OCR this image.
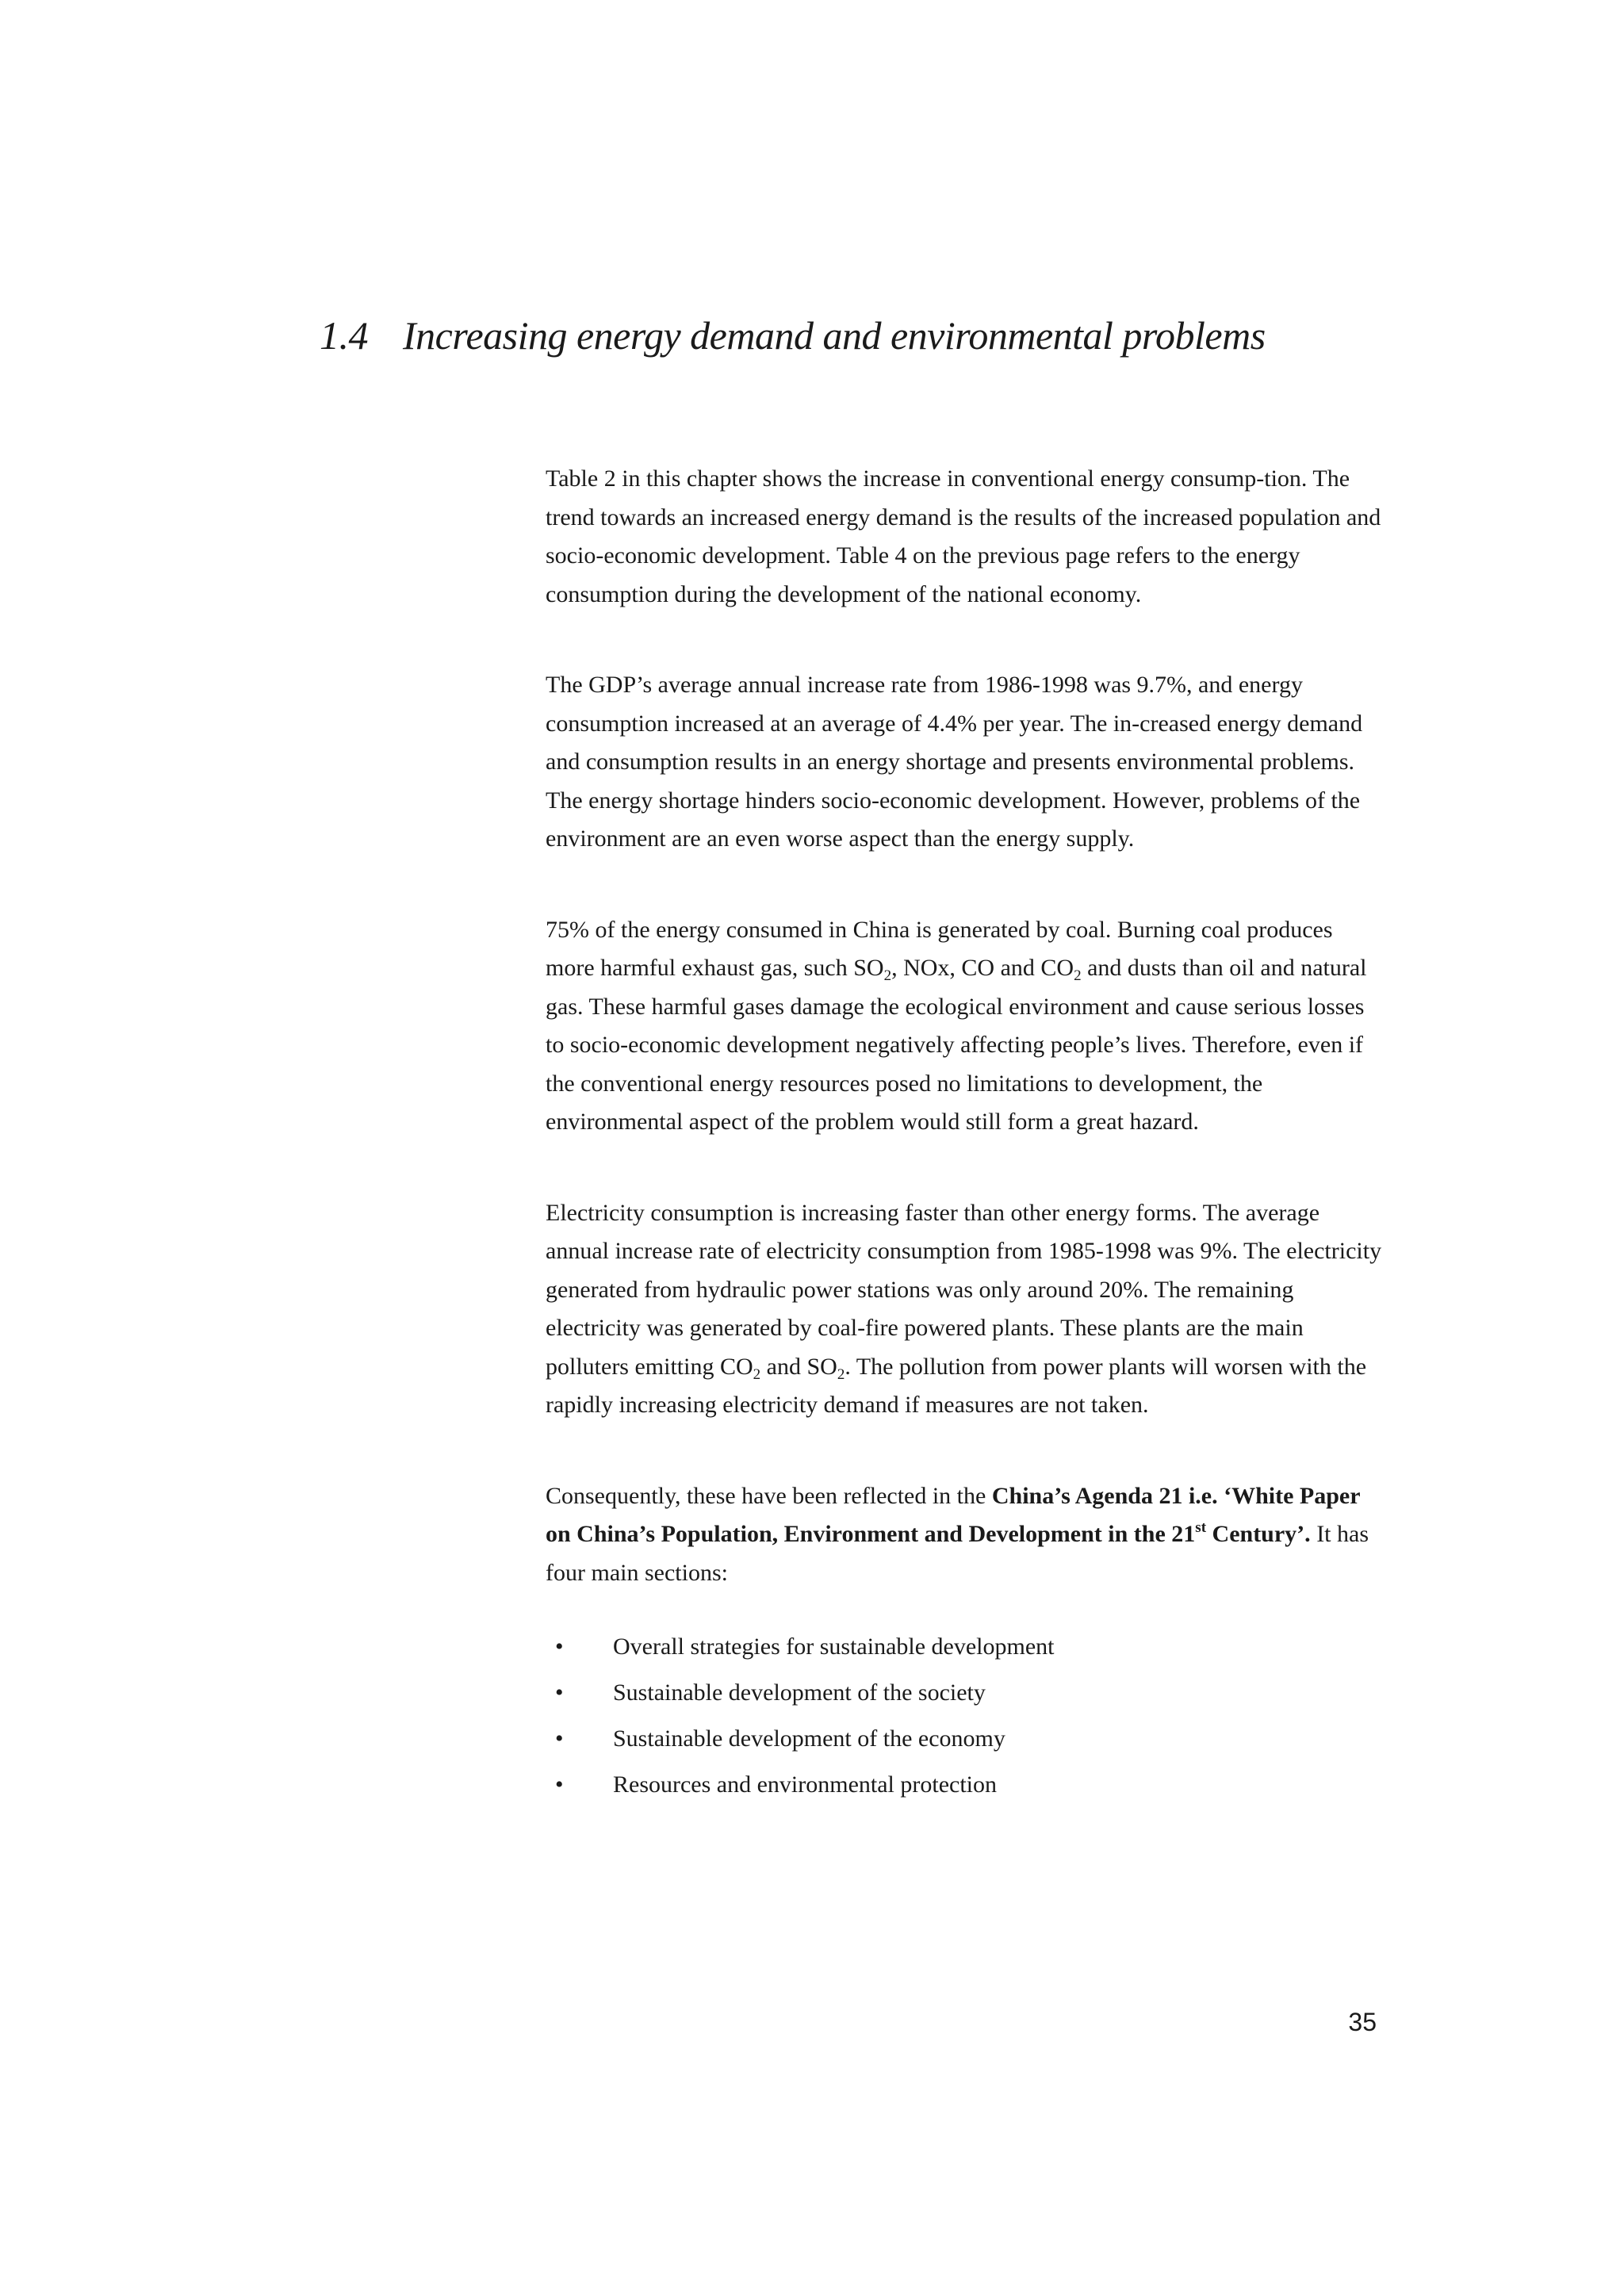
1.4 Increasing energy demand and environmental problems

Table 2 in this chapter shows the increase in conventional energy consump-tion. The trend towards an increased energy demand is the results of the increased population and socio-economic development. Table 4 on the previous page refers to the energy consumption during the development of the national economy.

The GDP’s average annual increase rate from 1986-1998 was 9.7%, and energy consumption increased at an average of 4.4% per year. The in-creased energy demand and consumption results in an energy shortage and presents environmental problems. The energy shortage hinders socio-economic development. However, problems of the environment are an even worse aspect than the energy supply.

75% of the energy consumed in China is generated by coal. Burning coal produces more harmful exhaust gas, such $SO_2$, NOx, CO and $CO_2$ and dusts than oil and natural gas. These harmful gases damage the ecological environment and cause serious losses to socio-economic development negatively affecting people’s lives. Therefore, even if the conventional energy resources posed no limitations to development, the environmental aspect of the problem would still form a great hazard.

Electricity consumption is increasing faster than other energy forms. The average annual increase rate of electricity consumption from 1985-1998 was 9%. The electricity generated from hydraulic power stations was only around 20%. The remaining electricity was generated by coal-fire powered plants. These plants are the main polluters emitting $CO_2$ and $SO_2$. The pollution from power plants will worsen with the rapidly increasing electricity demand if measures are not taken.

Consequently, these have been reflected in the China’s Agenda 21 i.e. ‘White Paper on China’s Population, Environment and Development in the 21st Century’. It has four main sections:

• Overall strategies for sustainable development
• Sustainable development of the society
• Sustainable development of the economy
• Resources and environmental protection
35
